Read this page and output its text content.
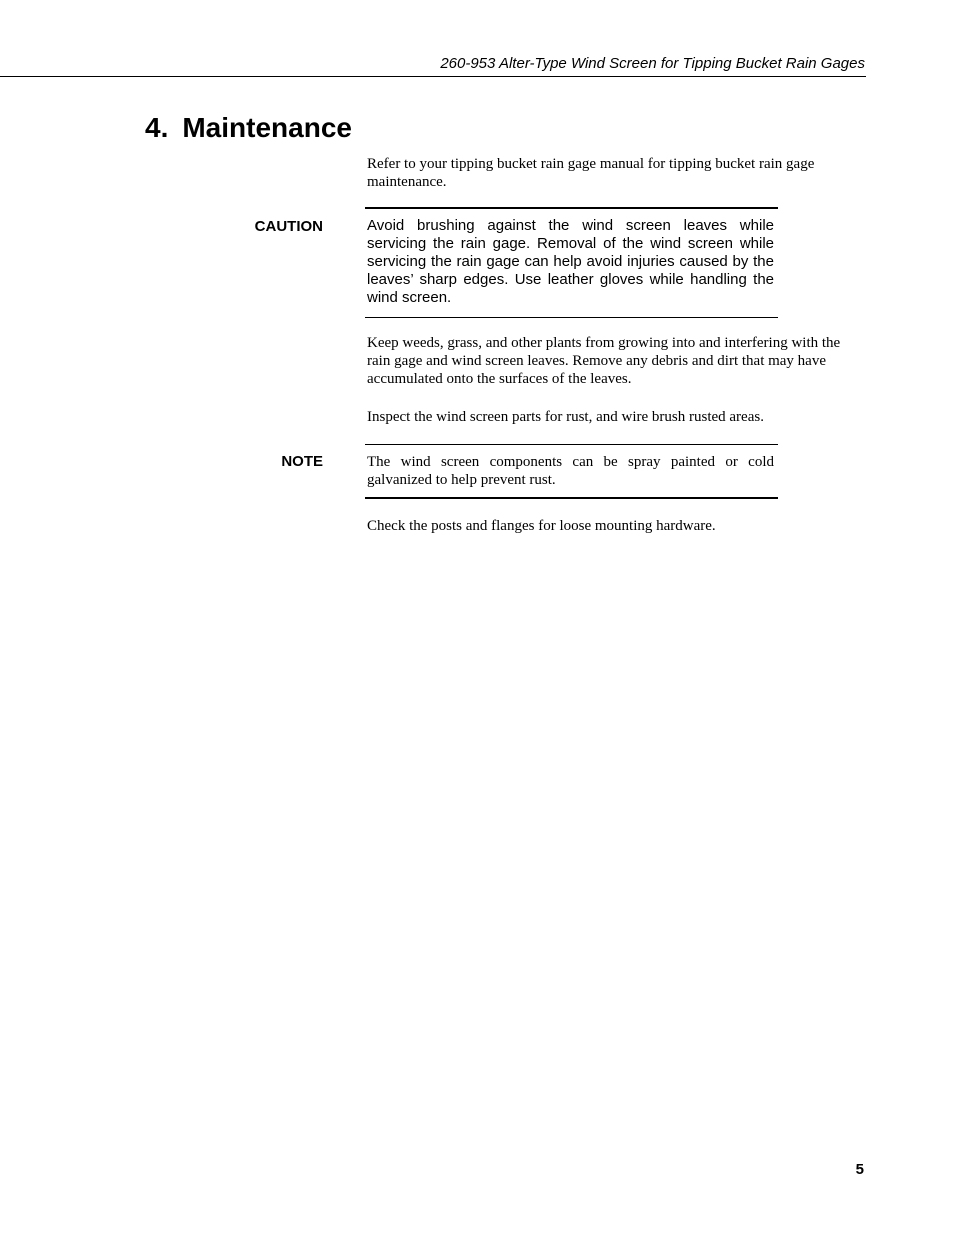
260-953 Alter-Type Wind Screen for Tipping Bucket Rain Gages
4. Maintenance

Refer to your tipping bucket rain gage manual for tipping bucket rain gage maintenance.

CAUTION	Avoid brushing against the wind screen leaves while servicing the rain gage. Removal of the wind screen while servicing the rain gage can help avoid injuries caused by the leaves’ sharp edges. Use leather gloves while handling the wind screen.

Keep weeds, grass, and other plants from growing into and interfering with the rain gage and wind screen leaves. Remove any debris and dirt that may have accumulated onto the surfaces of the leaves.

Inspect the wind screen parts for rust, and wire brush rusted areas.

NOTE	The wind screen components can be spray painted or cold galvanized to help prevent rust.

Check the posts and flanges for loose mounting hardware.

5
